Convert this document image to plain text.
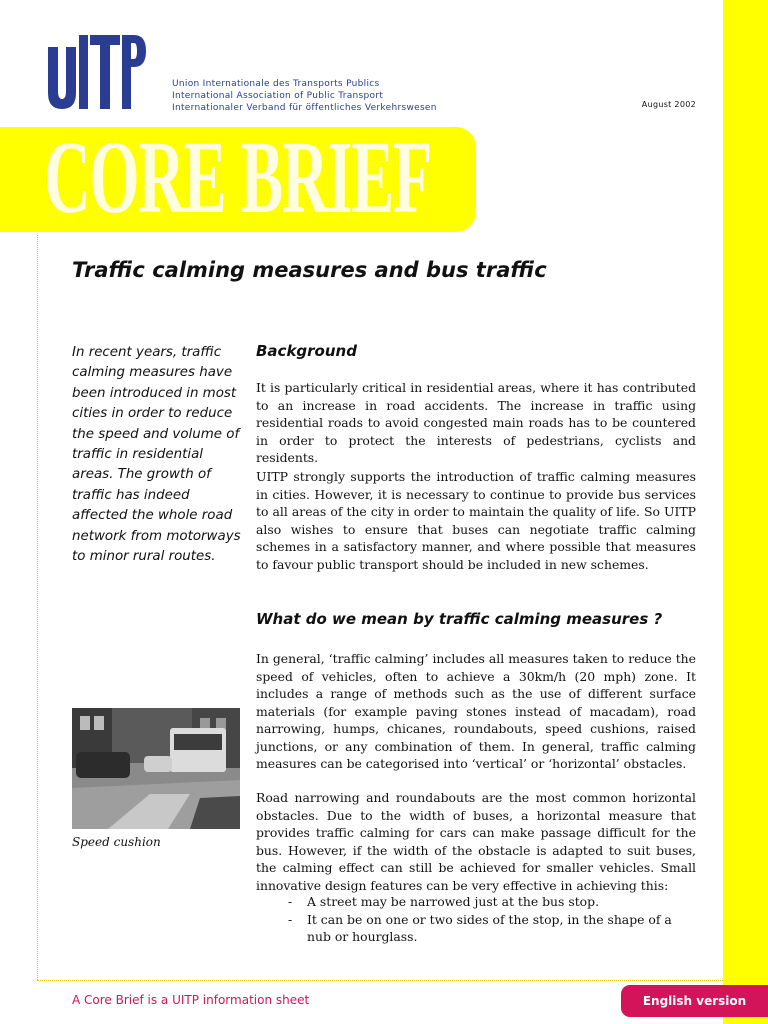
Union Internationale des Transports Publics
International Association of Public Transport
Internationaler Verband für öffentliches Verkehrswesen	August 2002
CORE BRIEF
Traffic calming measures and bus traffic
In recent years, traffic calming measures have been introduced in most cities in order to reduce the speed and volume of traffic in residential areas. The growth of traffic has indeed affected the whole road network from motorways to minor rural routes.
Speed cushion
Background

It is particularly critical in residential areas, where it has contributed to an increase in road accidents. The increase in traffic using residential roads to avoid congested main roads has to be countered in order to protect the interests of pedestrians, cyclists and residents.

UITP strongly supports the introduction of traffic calming measures in cities. However, it is necessary to continue to provide bus services to all areas of the city in order to maintain the quality of life. So UITP also wishes to ensure that buses can negotiate traffic calming schemes in a satisfactory manner, and where possible that measures to favour public transport should be included in new schemes.

What do we mean by traffic calming measures ?

In general, ‘traffic calming’ includes all measures taken to reduce the speed of vehicles, often to achieve a 30km/h (20 mph) zone. It includes a range of methods such as the use of different surface materials (for example paving stones instead of macadam), road narrowing, humps, chicanes, roundabouts, speed cushions, raised junctions, or any combination of them. In general, traffic calming measures can be categorised into ‘vertical’ or ‘horizontal’ obstacles.

Road narrowing and roundabouts are the most common horizontal obstacles. Due to the width of buses, a horizontal measure that provides traffic calming for cars can make passage difficult for the bus. However, if the width of the obstacle is adapted to suit buses, the calming effect can still be achieved for smaller vehicles. Small innovative design features can be very effective in achieving this:

- A street may be narrowed just at the bus stop.
- It can be on one or two sides of the stop, in the shape of a nub or hourglass.
A Core Brief is a UITP information sheet	English version
